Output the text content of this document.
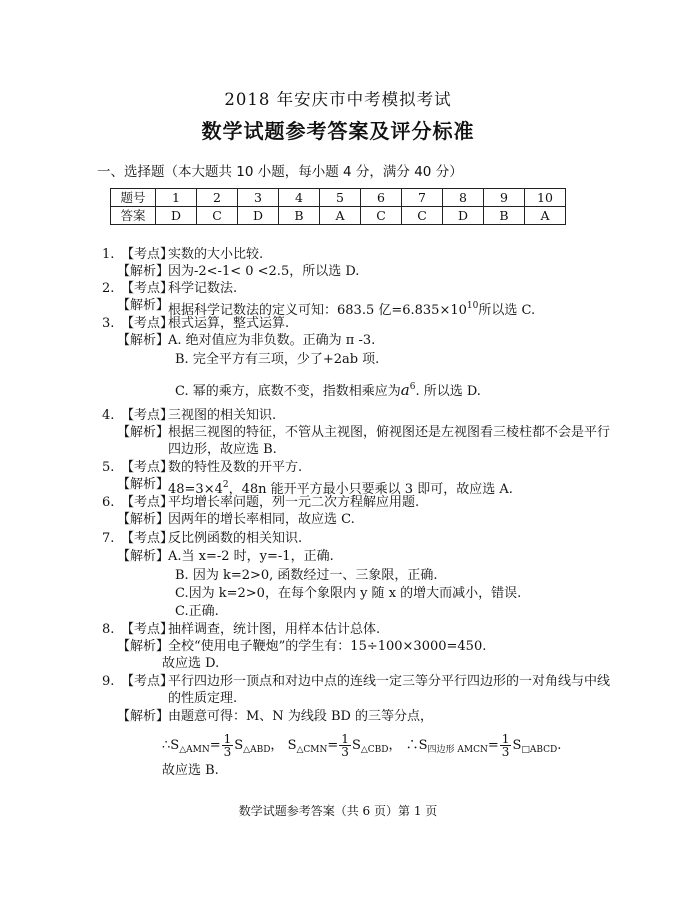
2018 年安庆市中考模拟考试
数学试题参考答案及评分标准
一、选择题（本大题共 10 小题，每小题 4 分，满分 40 分）
题号	1	2	3	4	5	6	7	8	9	10
答案	D	C	D	B	A	C	C	D	B	A
1. 【考点】
实数的大小比较.
【解析】
因为-2<-1< 0 <2.5，所以选 D.
2. 【考点】
科学记数法.
【解析】
根据科学记数法的定义可知：683.5 亿$=6.835\times 10^{10}$所以选 C.
3. 【考点】
根式运算，整式运算.
【解析】
A. 绝对值应为非负数。正确为 π -3.
B. 完全平方有三项，少了+2ab 项.
C. 幂的乘方，底数不变，指数相乘应为$a^6$. 所以选 D.
4. 【考点】
三视图的相关知识.
【解析】
根据三视图的特征，不管从主视图，俯视图还是左视图看三棱柱都不会是平行
四边形，故应选 B.
5. 【考点】
数的特性及数的开平方.
【解析】
$48=3\times 4^2$，48n 能开平方最小只要乘以 3 即可，故应选 A.
6. 【考点】
平均增长率问题，列一元二次方程解应用题.
【解析】
因两年的增长率相同，故应选 C.
7. 【考点】
反比例函数的相关知识.
【解析】
A.当 x=-2 时，y=-1，正确.
B. 因为 k=2>0, 函数经过一、三象限，正确.
C.因为 k=2>0，在每个象限内 y 随 x 的增大而减小，错误.
C.正确.
8. 【考点】
抽样调查，统计图，用样本估计总体.
【解析】
全校“使用电子鞭炮”的学生有：15÷100×3000=450.
故应选 D.
9. 【考点】
平行四边形一顶点和对边中点的连线一定三等分平行四边形的一对角线与中线
的性质定理.
【解析】
由题意可得：M、N 为线段 BD 的三等分点，
$\therefore S_{\triangle AMN}= \frac{1}{3} S_{\triangle ABD}$， $S_{\triangle CMN}= \frac{1}{3} S_{\triangle CBD}$， $\therefore S_{四边形 AMCN}= \frac{1}{3} S_{□ABCD}$.
故应选 B.
数学试题参考答案（共 6 页）第 1 页
